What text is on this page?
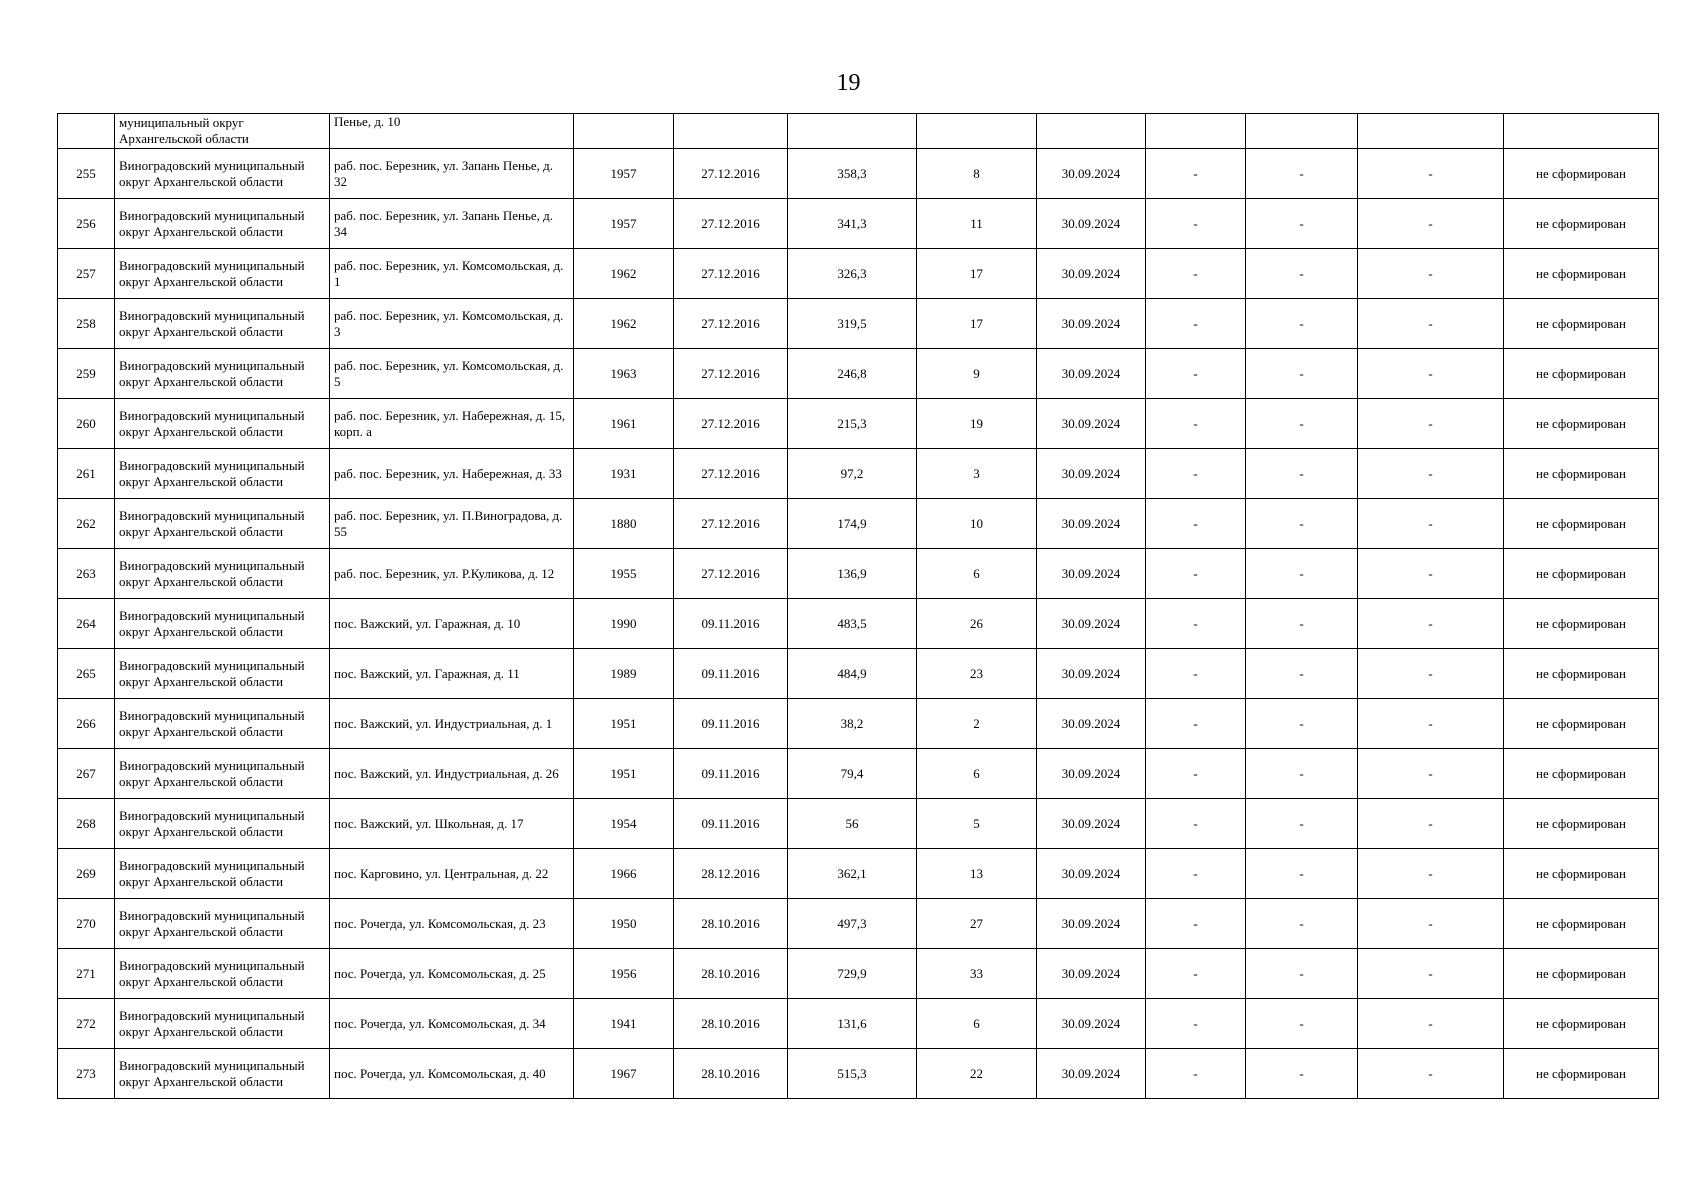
19
	муниципальный округ Архангельской области	Пенье, д. 10									
255	Виноградовский муниципальный округ Архангельской области	раб. пос. Березник, ул. Запань Пенье, д. 32	1957	27.12.2016	358,3	8	30.09.2024	-	-	-	не сформирован
256	Виноградовский муниципальный округ Архангельской области	раб. пос. Березник, ул. Запань Пенье, д. 34	1957	27.12.2016	341,3	11	30.09.2024	-	-	-	не сформирован
257	Виноградовский муниципальный округ Архангельской области	раб. пос. Березник, ул. Комсомольская, д. 1	1962	27.12.2016	326,3	17	30.09.2024	-	-	-	не сформирован
258	Виноградовский муниципальный округ Архангельской области	раб. пос. Березник, ул. Комсомольская, д. 3	1962	27.12.2016	319,5	17	30.09.2024	-	-	-	не сформирован
259	Виноградовский муниципальный округ Архангельской области	раб. пос. Березник, ул. Комсомольская, д. 5	1963	27.12.2016	246,8	9	30.09.2024	-	-	-	не сформирован
260	Виноградовский муниципальный округ Архангельской области	раб. пос. Березник, ул. Набережная, д. 15, корп. а	1961	27.12.2016	215,3	19	30.09.2024	-	-	-	не сформирован
261	Виноградовский муниципальный округ Архангельской области	раб. пос. Березник, ул. Набережная, д. 33	1931	27.12.2016	97,2	3	30.09.2024	-	-	-	не сформирован
262	Виноградовский муниципальный округ Архангельской области	раб. пос. Березник, ул. П.Виноградова, д. 55	1880	27.12.2016	174,9	10	30.09.2024	-	-	-	не сформирован
263	Виноградовский муниципальный округ Архангельской области	раб. пос. Березник, ул. Р.Куликова, д. 12	1955	27.12.2016	136,9	6	30.09.2024	-	-	-	не сформирован
264	Виноградовский муниципальный округ Архангельской области	пос. Важский, ул. Гаражная, д. 10	1990	09.11.2016	483,5	26	30.09.2024	-	-	-	не сформирован
265	Виноградовский муниципальный округ Архангельской области	пос. Важский, ул. Гаражная, д. 11	1989	09.11.2016	484,9	23	30.09.2024	-	-	-	не сформирован
266	Виноградовский муниципальный округ Архангельской области	пос. Важский, ул. Индустриальная, д. 1	1951	09.11.2016	38,2	2	30.09.2024	-	-	-	не сформирован
267	Виноградовский муниципальный округ Архангельской области	пос. Важский, ул. Индустриальная, д. 26	1951	09.11.2016	79,4	6	30.09.2024	-	-	-	не сформирован
268	Виноградовский муниципальный округ Архангельской области	пос. Важский, ул. Школьная, д. 17	1954	09.11.2016	56	5	30.09.2024	-	-	-	не сформирован
269	Виноградовский муниципальный округ Архангельской области	пос. Карговино, ул. Центральная, д. 22	1966	28.12.2016	362,1	13	30.09.2024	-	-	-	не сформирован
270	Виноградовский муниципальный округ Архангельской области	пос. Рочегда, ул. Комсомольская, д. 23	1950	28.10.2016	497,3	27	30.09.2024	-	-	-	не сформирован
271	Виноградовский муниципальный округ Архангельской области	пос. Рочегда, ул. Комсомольская, д. 25	1956	28.10.2016	729,9	33	30.09.2024	-	-	-	не сформирован
272	Виноградовский муниципальный округ Архангельской области	пос. Рочегда, ул. Комсомольская, д. 34	1941	28.10.2016	131,6	6	30.09.2024	-	-	-	не сформирован
273	Виноградовский муниципальный округ Архангельской области	пос. Рочегда, ул. Комсомольская, д. 40	1967	28.10.2016	515,3	22	30.09.2024	-	-	-	не сформирован
